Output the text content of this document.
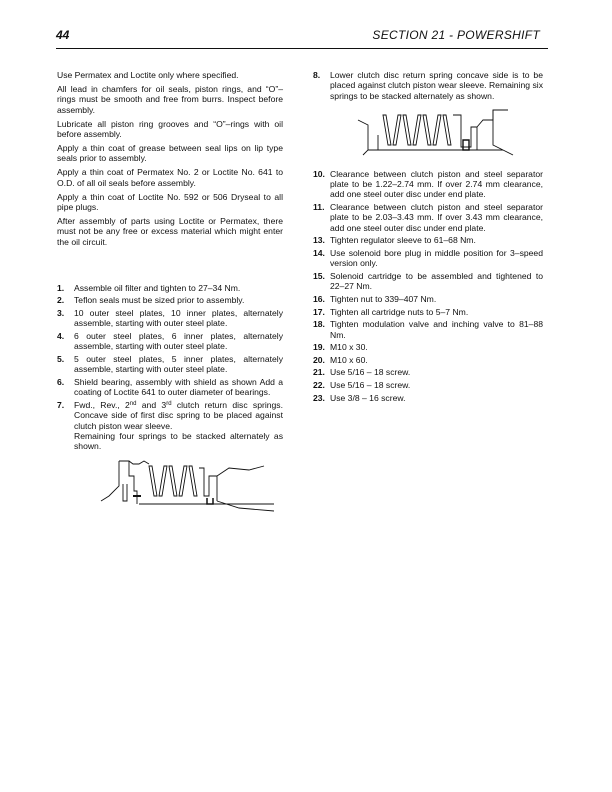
44	SECTION 21 - POWERSHIFT

Use Permatex and Loctite only where specified.

All lead in chamfers for oil seals, piston rings, and “O”–rings must be smooth and free from burrs. Inspect before assembly.

Lubricate all piston ring grooves and “O”–rings with oil before assembly.

Apply a thin coat of grease between seal lips on lip type seals prior to assembly.

Apply a thin coat of Permatex No. 2 or Loctite No. 641 to O.D. of all oil seals before assembly.

Apply a thin coat of Loctite No. 592 or 506 Dryseal to all pipe plugs.

After assembly of parts using Loctite or Permatex, there must not be any free or excess material which might enter the oil circuit.

1. Assemble oil filter and tighten to 27–34 Nm.
2. Teflon seals must be sized prior to assembly.
3. 10 outer steel plates, 10 inner plates, alternately assemble, starting with outer steel plate.
4. 6 outer steel plates, 6 inner plates, alternately assemble, starting with outer steel plate.
5. 5 outer steel plates, 5 inner plates, alternately assemble, starting with outer steel plate.
6. Shield bearing, assembly with shield as shown Add a coating of Loctite 641 to outer diameter of bearings.
7. Fwd., Rev., 2nd and 3rd clutch return disc springs. Concave side of first disc spring to be placed against clutch piston wear sleeve.
Remaining four springs to be stacked alternately as shown.
8. Lower clutch disc return spring concave side is to be placed against clutch piston wear sleeve. Remaining six springs to be stacked alternately as shown.
10. Clearance between clutch piston and steel separator plate to be 1.22–2.74 mm. If over 2.74 mm clearance, add one steel outer disc under end plate.
11. Clearance between clutch piston and steel separator plate to be 2.03–3.43 mm. If over 3.43 mm clearance, add one steel outer disc under end plate.
13. Tighten regulator sleeve to 61–68 Nm.
14. Use solenoid bore plug in middle position for 3–speed version only.
15. Solenoid cartridge to be assembled and tightened to 22–27 Nm.
16. Tighten nut to 339–407 Nm.
17. Tighten all cartridge nuts to 5–7 Nm.
18. Tighten modulation valve and inching valve to 81–88 Nm.
19. M10 x 30.
20. M10 x 60.
21. Use 5/16 – 18 screw.
22. Use 5/16 – 18 screw.
23. Use 3/8 – 16 screw.
